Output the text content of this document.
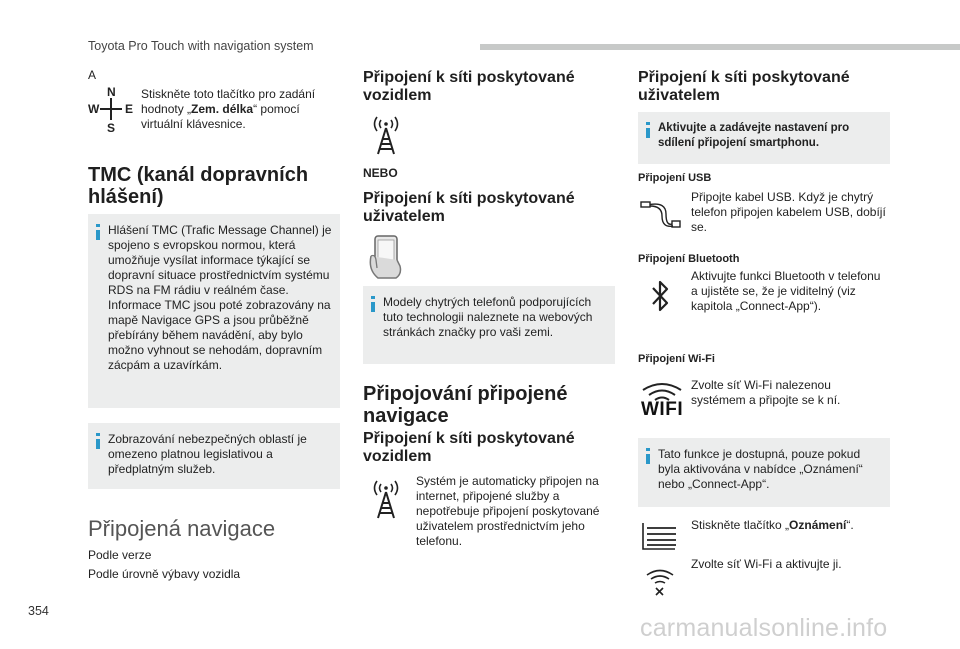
Toyota Pro Touch with navigation system
354
carmanualsonline.info
A
N
S
W E
Stiskněte toto tlačítko pro zadání hodnoty „Zem. délka“ pomocí virtuální klávesnice.
TMC (kanál dopravních hlášení)
Hlášení TMC (Trafic Message Channel) je spojeno s evropskou normou, která umožňuje vysílat informace týkající se dopravní situace prostřednictvím systému RDS na FM rádiu v reálném čase. Informace TMC jsou poté zobrazovány na mapě Navigace GPS a jsou průběžně přebírány během navádění, aby bylo možno vyhnout se nehodám, dopravním zácpám a uzavírkám.
Zobrazování nebezpečných oblastí je omezeno platnou legislativou a předplatným služeb.
Připojená navigace
Podle verze
Podle úrovně výbavy vozidla
Připojení k síti poskytované vozidlem
NEBO
Připojení k síti poskytované uživatelem
Modely chytrých telefonů podporujících tuto technologii naleznete na webových stránkách značky pro vaši zemi.
Připojování připojené navigace
Připojení k síti poskytované vozidlem
Systém je automaticky připojen na internet, připojené služby a nepotřebuje připojení poskytované uživatelem prostřednictvím jeho telefonu.
Připojení k síti poskytované uživatelem
Aktivujte a zadávejte nastavení pro sdílení připojení smartphonu.
Připojení USB
Připojte kabel USB. Když je chytrý telefon připojen kabelem USB, dobíjí se.
Připojení Bluetooth
Aktivujte funkci Bluetooth v telefonu a ujistěte se, že je viditelný (viz kapitola „Connect-App“).
Připojení Wi-Fi
WIFI
Zvolte síť Wi-Fi nalezenou systémem a připojte se k ní.
Tato funkce je dostupná, pouze pokud byla aktivována v nabídce „Oznámení“ nebo „Connect-App“.
Stiskněte tlačítko „Oznámení“.
Zvolte síť Wi-Fi a aktivujte ji.
